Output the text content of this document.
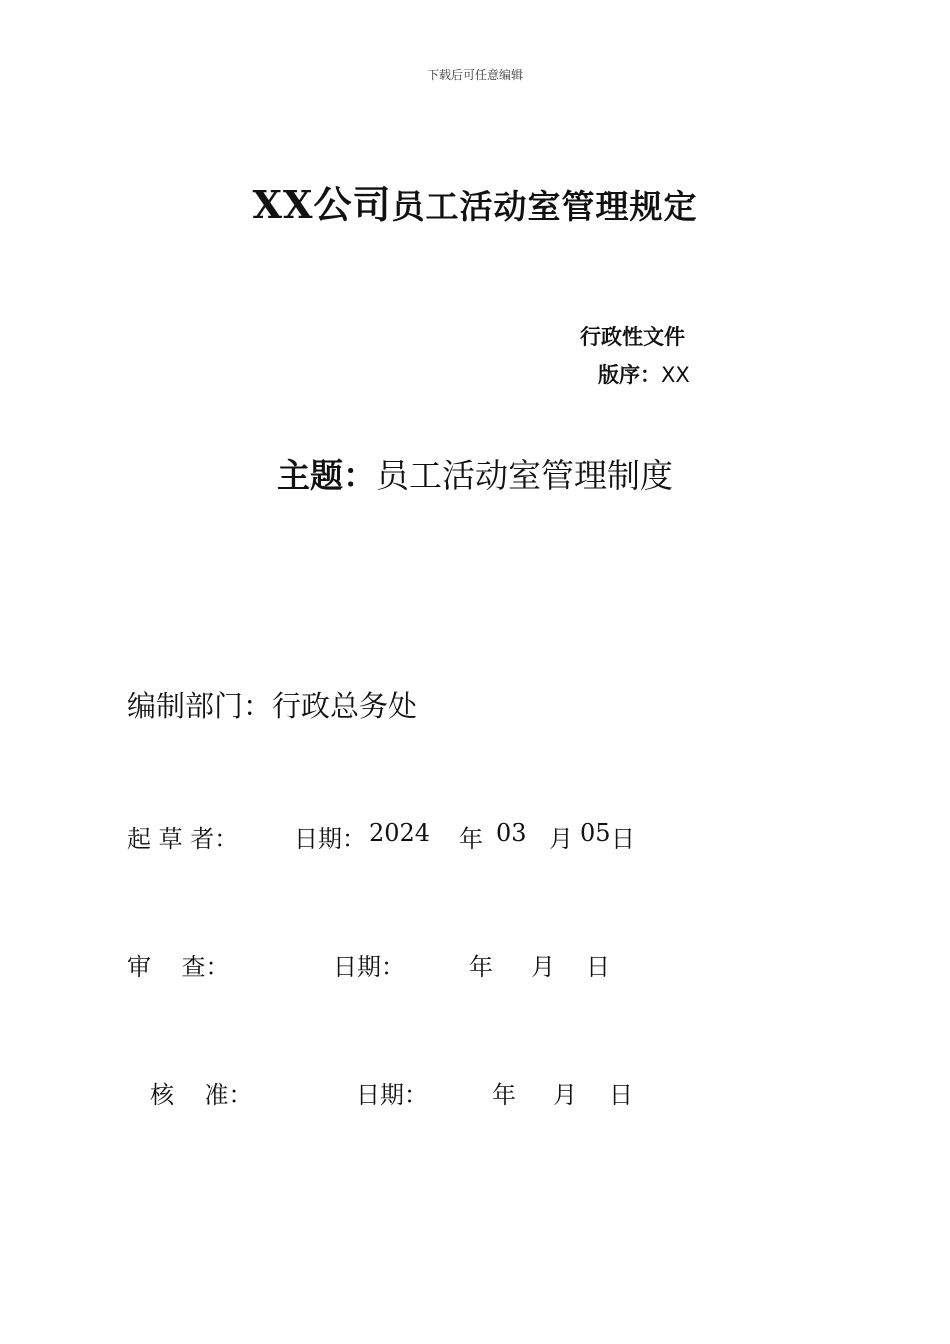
下载后可任意编辑
XX公司员工活动室管理规定
行政性文件
版序：XX
主题：员工活动室管理制度
编制部门：行政总务处
起 草 者： 日期： 2024 年 03 月 05 日
审    查：	日期：	年 月 日
核    准：	日期：	年 月 日
